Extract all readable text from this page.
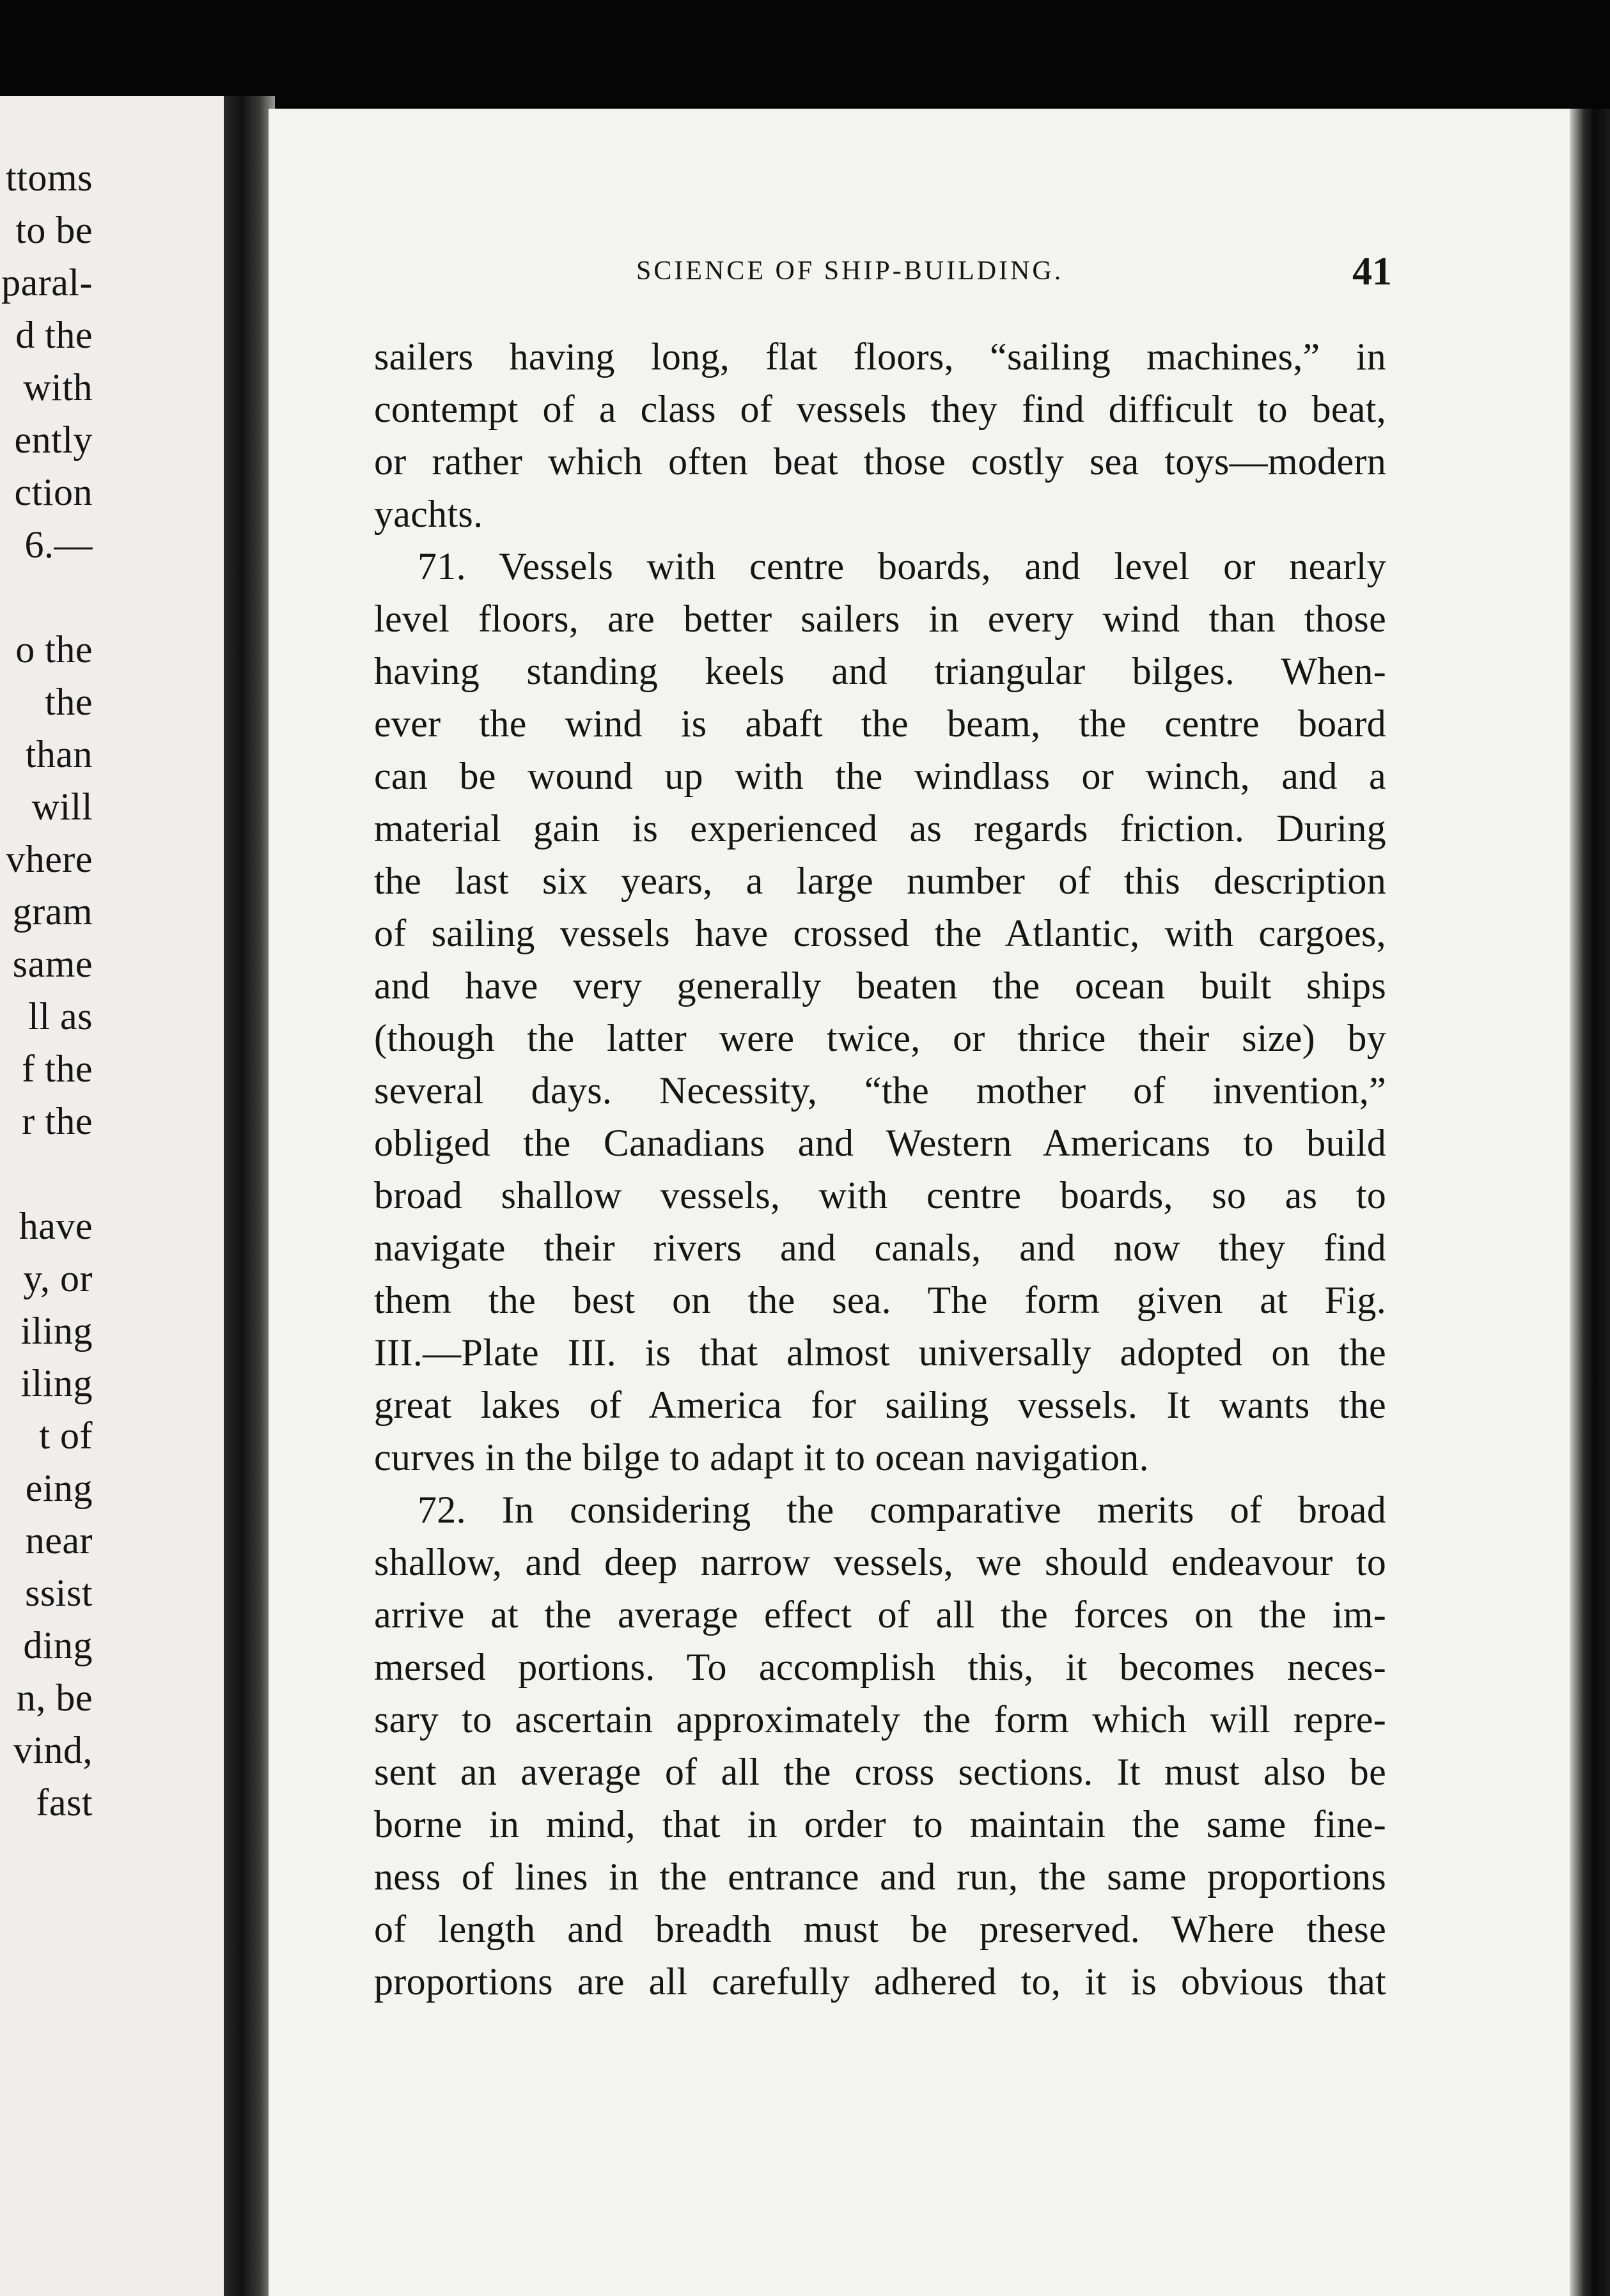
ttoms
to be
paral-
d the
with
ently
ction
6.—
o the
the
than
will
vhere
gram
same
ll as
f the
r the
have
y, or
iling
iling
t of
eing
near
ssist
ding
n, be
vind,
fast
SCIENCE OF SHIP-BUILDING.	41
sailers having long, flat floors, “sailing machines,” in
contempt of a class of vessels they find difficult to beat,
or rather which often beat those costly sea toys—modern
yachts.
71. Vessels with centre boards, and level or nearly
level floors, are better sailers in every wind than those
having standing keels and triangular bilges. When-
ever the wind is abaft the beam, the centre board
can be wound up with the windlass or winch, and a
material gain is experienced as regards friction. During
the last six years, a large number of this description
of sailing vessels have crossed the Atlantic, with cargoes,
and have very generally beaten the ocean built ships
(though the latter were twice, or thrice their size) by
several days. Necessity, “the mother of invention,”
obliged the Canadians and Western Americans to build
broad shallow vessels, with centre boards, so as to
navigate their rivers and canals, and now they find
them the best on the sea. The form given at Fig.
III.—Plate III. is that almost universally adopted on the
great lakes of America for sailing vessels. It wants the
curves in the bilge to adapt it to ocean navigation.
72. In considering the comparative merits of broad
shallow, and deep narrow vessels, we should endeavour to
arrive at the average effect of all the forces on the im-
mersed portions. To accomplish this, it becomes neces-
sary to ascertain approximately the form which will repre-
sent an average of all the cross sections. It must also be
borne in mind, that in order to maintain the same fine-
ness of lines in the entrance and run, the same proportions
of length and breadth must be preserved. Where these
proportions are all carefully adhered to, it is obvious that
